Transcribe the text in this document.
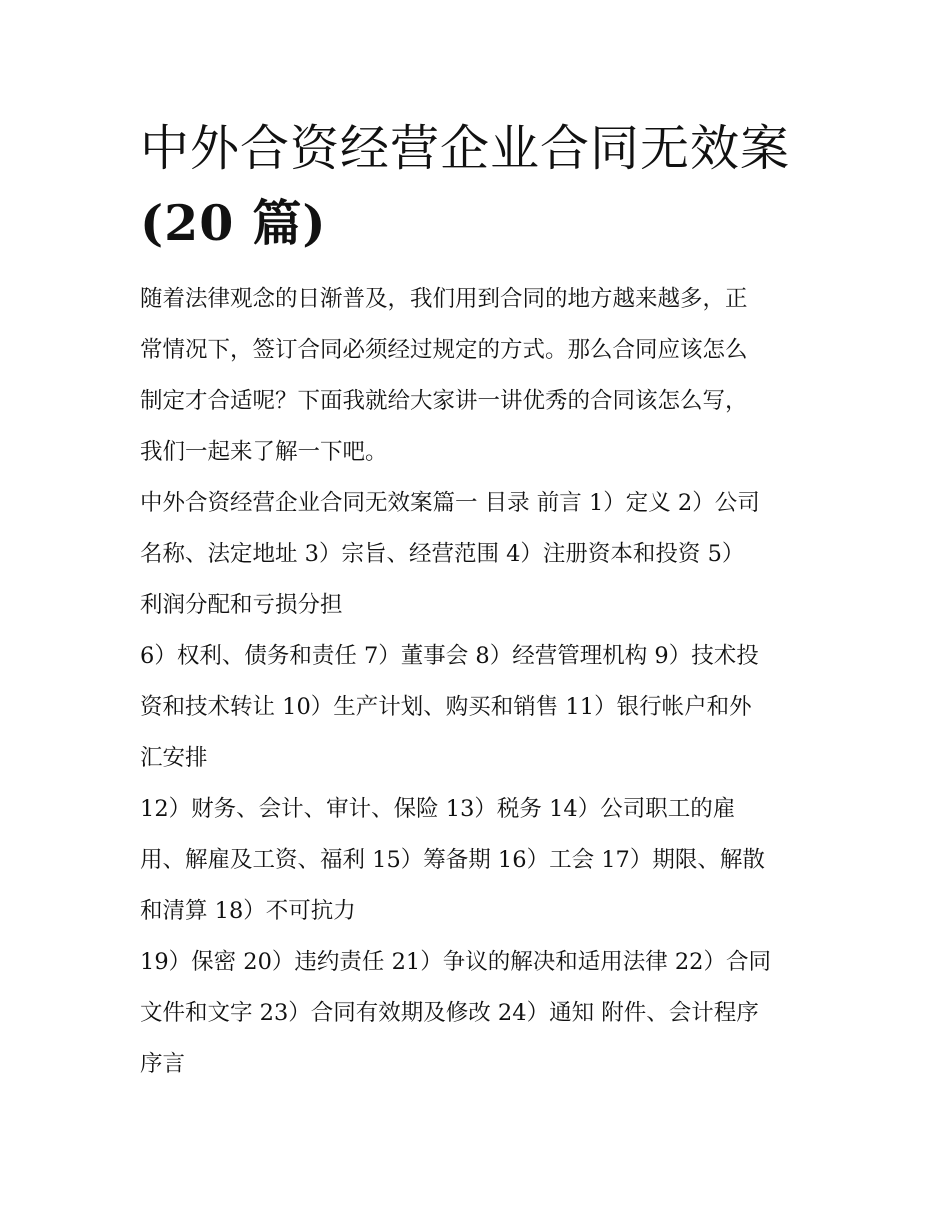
中外合资经营企业合同无效案
(20 篇)

随着法律观念的日渐普及，我们用到合同的地方越来越多，正
常情况下，签订合同必须经过规定的方式。那么合同应该怎么
制定才合适呢？下面我就给大家讲一讲优秀的合同该怎么写，
我们一起来了解一下吧。

中外合资经营企业合同无效案篇一 目录 前言 1）定义 2）公司
名称、法定地址 3）宗旨、经营范围 4）注册资本和投资 5）
利润分配和亏损分担

6）权利、债务和责任 7）董事会 8）经营管理机构 9）技术投
资和技术转让 10）生产计划、购买和销售 11）银行帐户和外
汇安排

12）财务、会计、审计、保险 13）税务 14）公司职工的雇
用、解雇及工资、福利 15）筹备期 16）工会 17）期限、解散
和清算 18）不可抗力

19）保密 20）违约责任 21）争议的解决和适用法律 22）合同
文件和文字 23）合同有效期及修改 24）通知 附件、会计程序
序言
